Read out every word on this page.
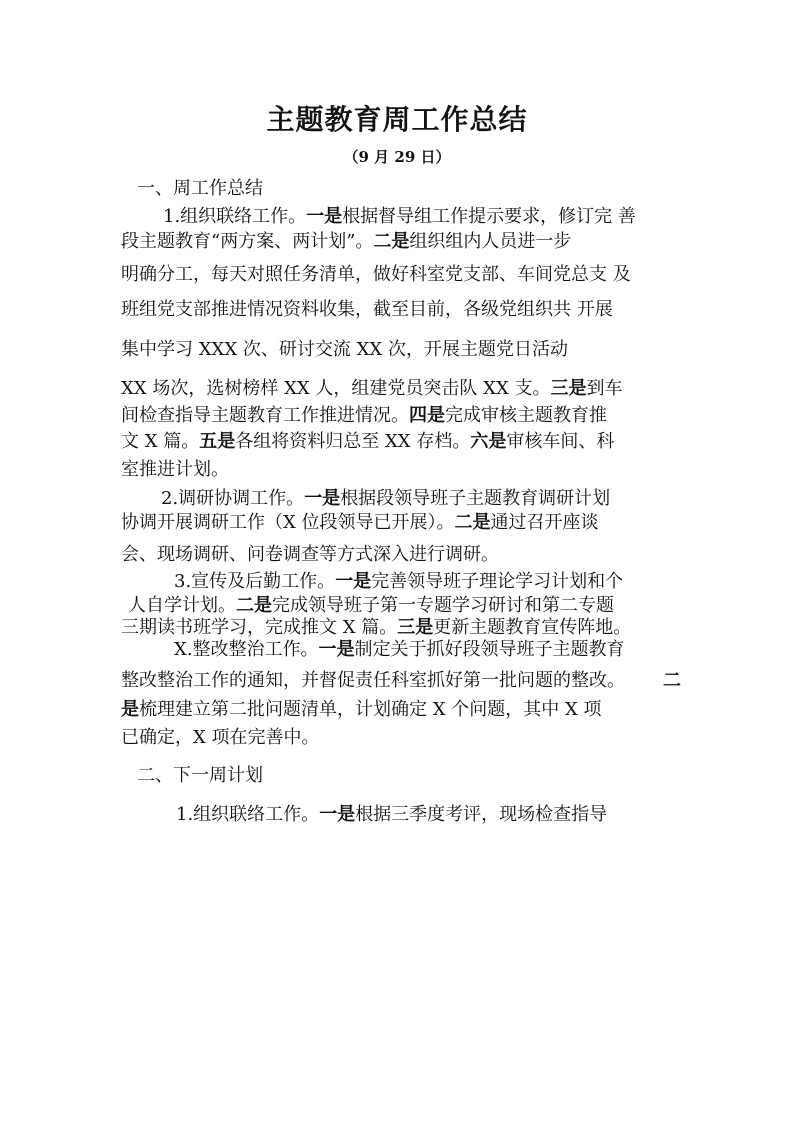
主题教育周工作总结
（9 月 29 日）
一、周工作总结
1.组织联络工作。一是根据督导组工作提示要求，修订完 善
段主题教育“两方案、两计划”。二是组织组内人员进一步
明确分工，每天对照任务清单，做好科室党支部、车间党总支 及
班组党支部推进情况资料收集，截至目前，各级党组织共 开展
集中学习 XXX 次、研讨交流 XX 次，开展主题党日活动
XX 场次，选树榜样 XX 人，组建党员突击队 XX 支。三是到车
间检查指导主题教育工作推进情况。四是完成审核主题教育推
文 X 篇。五是各组将资料归总至 XX 存档。六是审核车间、科
室推进计划。
2.调研协调工作。一是根据段领导班子主题教育调研计划
协调开展调研工作（X 位段领导已开展）。二是通过召开座谈
会、现场调研、问卷调查等方式深入进行调研。
3.宣传及后勤工作。一是完善领导班子理论学习计划和个
人自学计划。二是完成领导班子第一专题学习研讨和第二专题
三期读书班学习，完成推文 X 篇。三是更新主题教育宣传阵地。
X.整改整治工作。一是制定关于抓好段领导班子主题教育
整改整治工作的通知，并督促责任科室抓好第一批问题的整改。 二
是梳理建立第二批问题清单，计划确定 X 个问题，其中 X 项
已确定，X 项在完善中。
二、下一周计划
1.组织联络工作。一是根据三季度考评，现场检查指导
